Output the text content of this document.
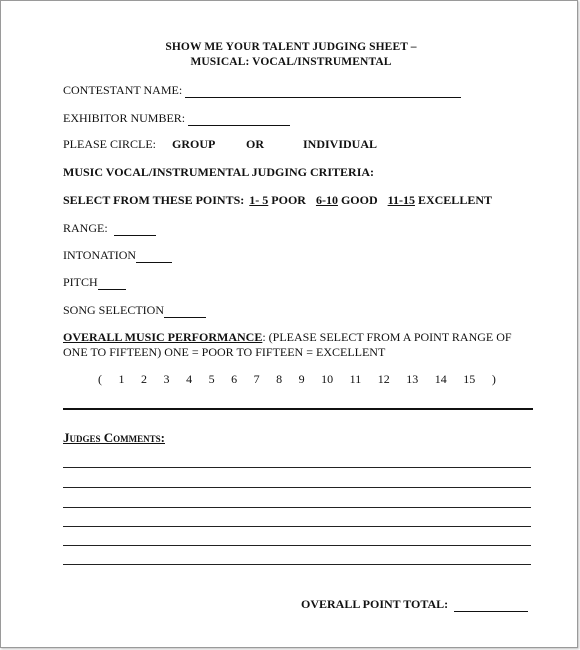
SHOW ME YOUR TALENT JUDGING SHEET –
MUSICAL: VOCAL/INSTRUMENTAL
CONTESTANT NAME:
EXHIBITOR NUMBER:
PLEASE CIRCLE: GROUP	OR	INDIVIDUAL
MUSIC VOCAL/INSTRUMENTAL JUDGING CRITERIA:
SELECT FROM THESE POINTS: 1- 5 POOR 6-10 GOOD 11-15 EXCELLENT
RANGE:
INTONATION
PITCH
SONG SELECTION
OVERALL MUSIC PERFORMANCE : (PLEASE SELECT FROM A POINT RANGE OF
ONE TO FIFTEEN) ONE = POOR TO FIFTEEN = EXCELLENT
( 1 2 3 4 5 6 7 8 9 10 11 12 13 14 15 )
Judges Comments:
OVERALL POINT TOTAL:
